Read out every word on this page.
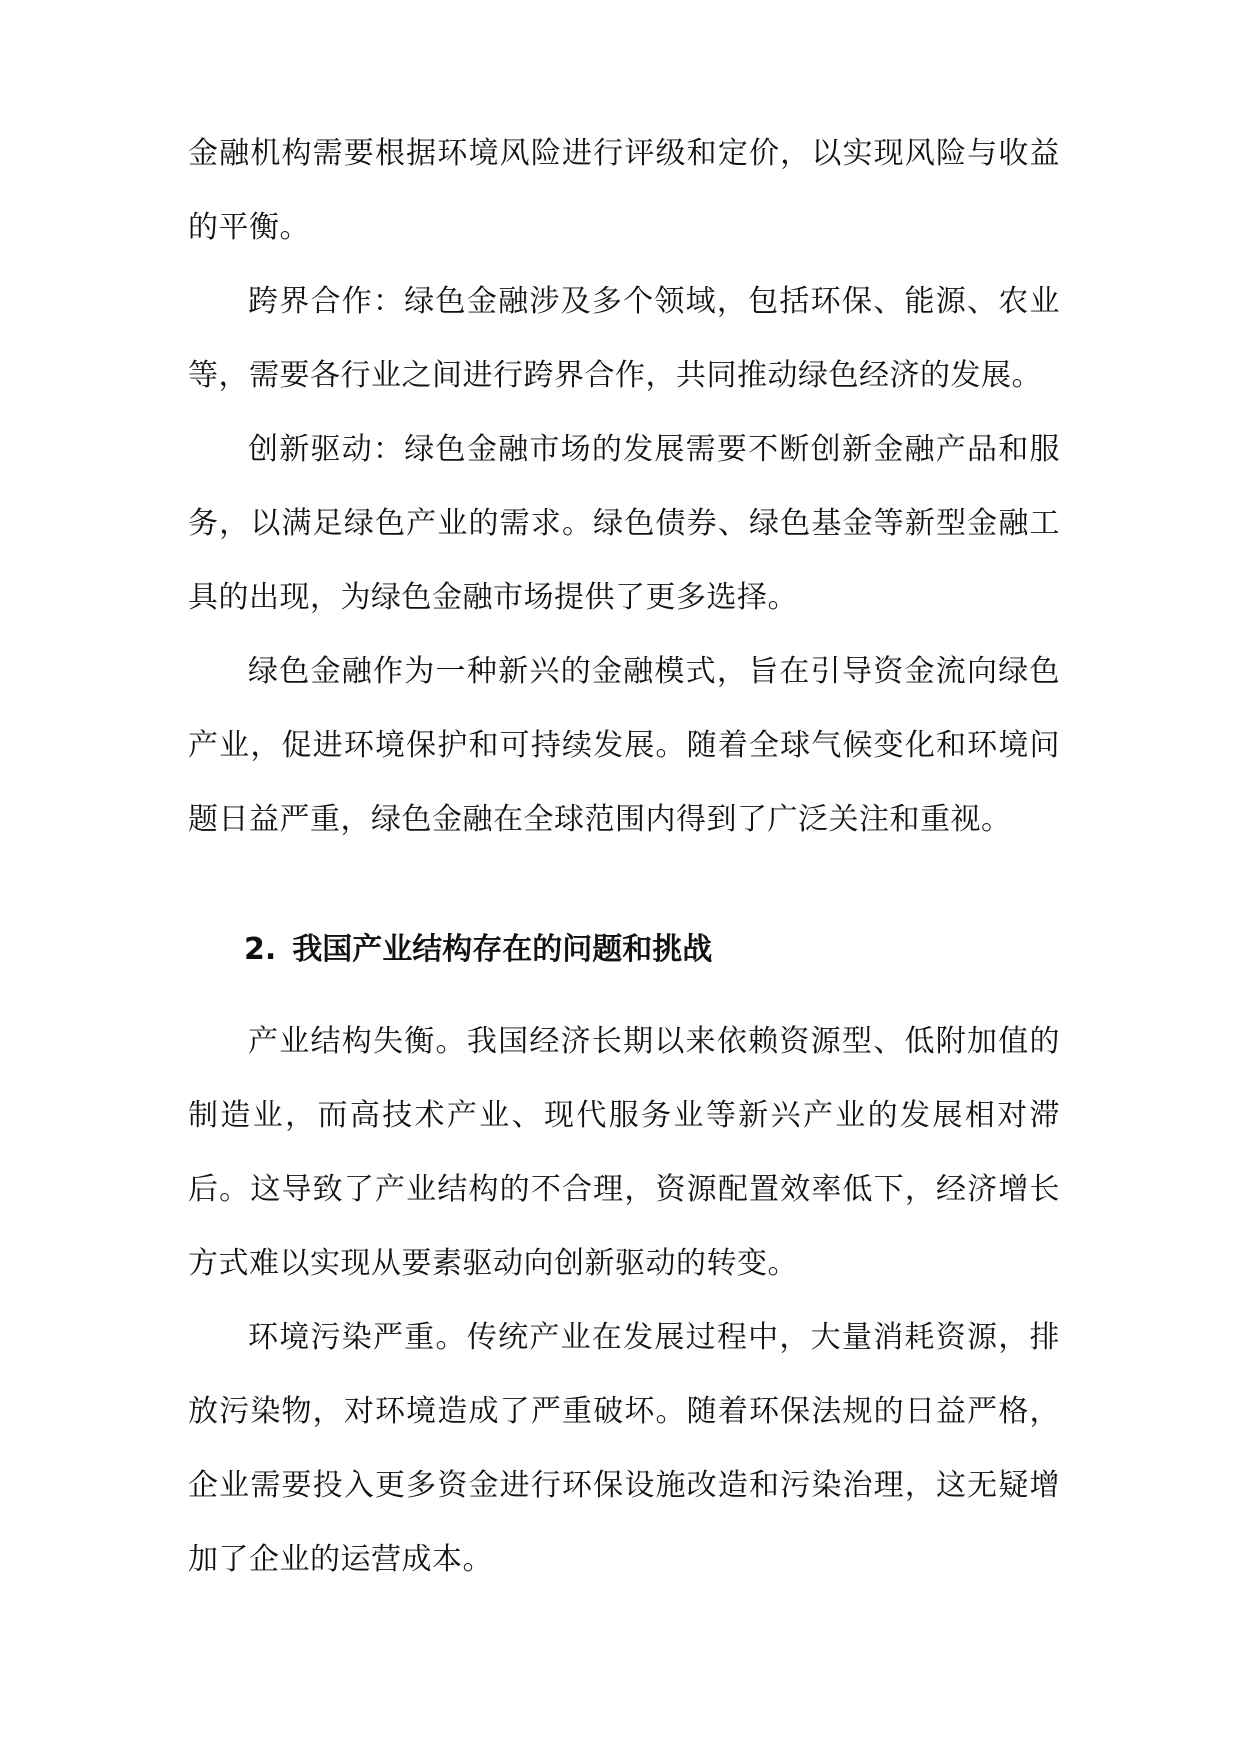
金融机构需要根据环境风险进行评级和定价，以实现风险与收益的平衡。

跨界合作：绿色金融涉及多个领域，包括环保、能源、农业等，需要各行业之间进行跨界合作，共同推动绿色经济的发展。

创新驱动：绿色金融市场的发展需要不断创新金融产品和服务，以满足绿色产业的需求。绿色债券、绿色基金等新型金融工具的出现，为绿色金融市场提供了更多选择。

绿色金融作为一种新兴的金融模式，旨在引导资金流向绿色产业，促进环境保护和可持续发展。随着全球气候变化和环境问题日益严重，绿色金融在全球范围内得到了广泛关注和重视。

2. 我国产业结构存在的问题和挑战

产业结构失衡。我国经济长期以来依赖资源型、低附加值的制造业，而高技术产业、现代服务业等新兴产业的发展相对滞后。这导致了产业结构的不合理，资源配置效率低下，经济增长方式难以实现从要素驱动向创新驱动的转变。

环境污染严重。传统产业在发展过程中，大量消耗资源，排放污染物，对环境造成了严重破坏。随着环保法规的日益严格，企业需要投入更多资金进行环保设施改造和污染治理，这无疑增加了企业的运营成本。
